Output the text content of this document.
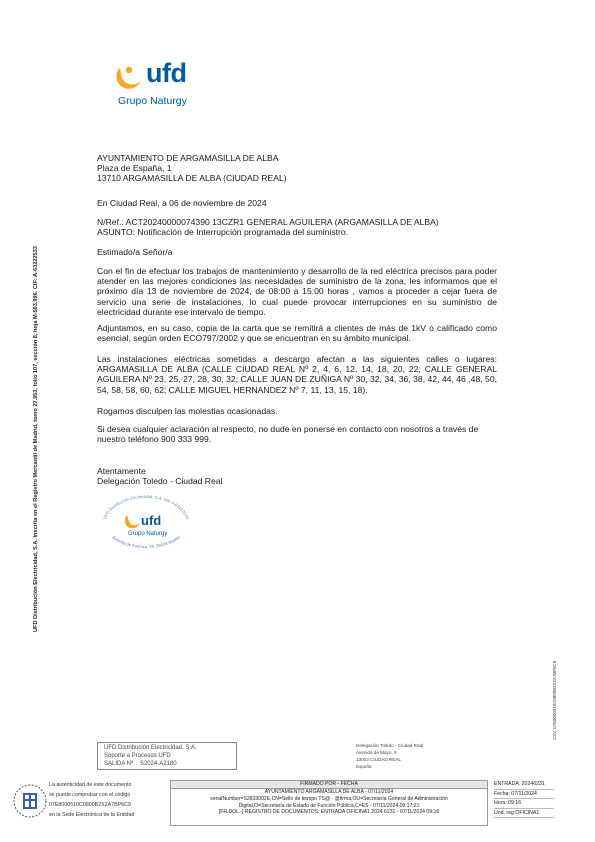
ufd
Grupo Naturgy
UFD Distribución Electricidad, S.A. Inscrita en el Registro Mercantil de Madrid, tomo 27.953, folio 107, sección 8, hoja M-503.996. CIF: A-63222533
CSV: 07E8000510C0800B2X2A7BP6C9
AYUNTAMIENTO DE ARGAMASILLA DE ALBA
Plaza de España, 1
13710 ARGAMASILLA DE ALBA (CIUDAD REAL)
En Ciudad Real, a 06 de noviembre de 2024
N/Ref.: ACT20240000074390 13CZR1 GENERAL AGUILERA (ARGAMASILLA DE ALBA)
ASUNTO: Notificación de Interrupción programada del suministro.
Estimado/a Señor/a
Con el fin de efectuar los trabajos de mantenimiento y desarrollo de la red eléctrica precisos para poder atender en las mejores condiciones las necesidades de suministro de la zona, les informamos que el próximo día 13 de noviembre de 2024, de 08:00 a 15:00 horas , vamos a proceder a cejar fuera de servicio una serie de instalaciones, lo cual puede provocar interrupciones en su suministro de electricidad durante ese intervalo de tiempo.
Adjuntamos, en su caso, copia de la carta que se remitirá a clientes de más de 1kV o calificado como esencial, según orden ECO797/2002 y que se encuentran en su ámbito municipal.
Las instalaciones eléctricas sometidas a descargo afectan a las siguientes calles o lugares: ARGAMASILLA DE ALBA (CALLE CIUDAD REAL Nº 2, 4, 6, 12, 14, 18, 20, 22; CALLE GENERAL AGUILERA Nº 23, 25, 27, 28, 30, 32; CALLE JUAN DE ZUÑIGA Nº 30, 32, 34, 36, 38, 42, 44, 46 ,48, 50, 54, 58, 58, 60, 62; CALLE MIGUEL HERNANDEZ Nº 7, 11, 13, 15, 18).
Rogamos disculpen las molestias ocasionadas.
Si desea cualquier aclaración al respecto, no dude en ponerse en contacto con nosotros a través de nuestro teléfono 900 333 999.
Atentamente
Delegación Toledo - Ciudad Real
UFD Distribución Electricidad, S.A. NIF A-63222533
Avenida de América, 38. 28028 Madrid
ufd
Grupo Naturgy
UFD Distribución Electricidad, S.A.
Soporte a Procesos UFD
SALIDA Nº S2024-A2180
Delegación Toledo - Ciudad Real
Avenida de Mayo, 9
13003 CIUDAD REAL
España
La autenticidad de este documento
se puede comprobar con el código
07E8000510C0800B2X2A7BP6C9
en la Sede Electrónica de la Entidad
FIRMADO POR - FECHA
AYUNTAMIENTO ARGAMASILLA DE ALBA - 07/11/2024
serialNumber=S2833002E,CN=Sello de tiempo TS@ - @firma,OU=Secretaría General de Administración
Digital,O=Secretaría de Estado de Función Pública,C=ES - 07/11/2024 09:17:21
[FR.DOL.-] REGISTRO DE DOCUMENTOS: ENTRADA OFICINA1 2024 6231 - 07/11/2024 09:16
ENTRADA: 20246231
Fecha: 07/11/2024
Hora: 09:16
Und. reg:OFICINA1
